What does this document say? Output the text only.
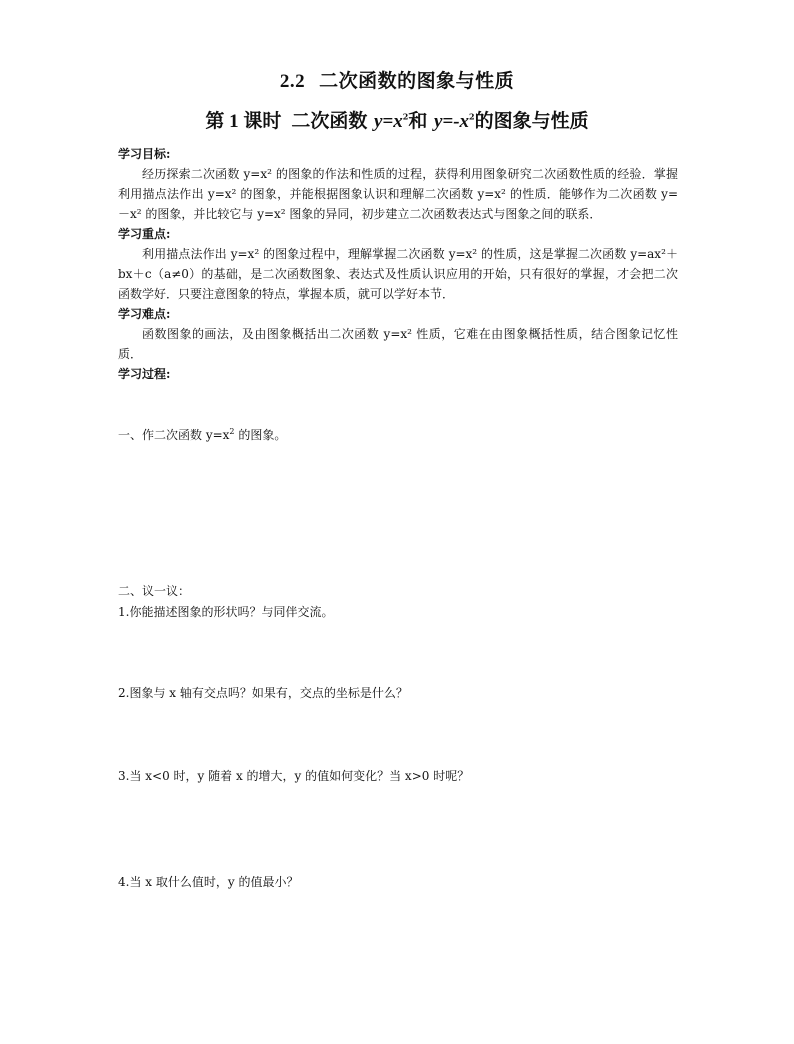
2.2 二次函数的图象与性质
第 1 课时 二次函数 $y=x^2$和 $y=-x^2$的图象与性质
学习目标:
经历探索二次函数 y=x² 的图象的作法和性质的过程，获得利用图象研究二次函数性质的经验．掌握利用描点法作出 y=x² 的图象，并能根据图象认识和理解二次函数 y=x² 的性质．能够作为二次函数 y=－x² 的图象，并比较它与 y=x² 图象的异同，初步建立二次函数表达式与图象之间的联系．
学习重点:
利用描点法作出 y=x² 的图象过程中，理解掌握二次函数 y=x² 的性质，这是掌握二次函数 y=ax²＋bx＋c（a≠0）的基础，是二次函数图象、表达式及性质认识应用的开始，只有很好的掌握，才会把二次函数学好．只要注意图象的特点，掌握本质，就可以学好本节．
学习难点:
函数图象的画法，及由图象概括出二次函数 y=x² 性质，它难在由图象概括性质，结合图象记忆性质．
学习过程:
一、作二次函数 $y=x^2$ 的图象。
二、议一议：
1.你能描述图象的形状吗？与同伴交流。
2.图象与 x 轴有交点吗？如果有，交点的坐标是什么？
3.当 x<0 时，y 随着 x 的增大，y 的值如何变化？当 x>0 时呢？
4.当 x 取什么值时，y 的值最小？
